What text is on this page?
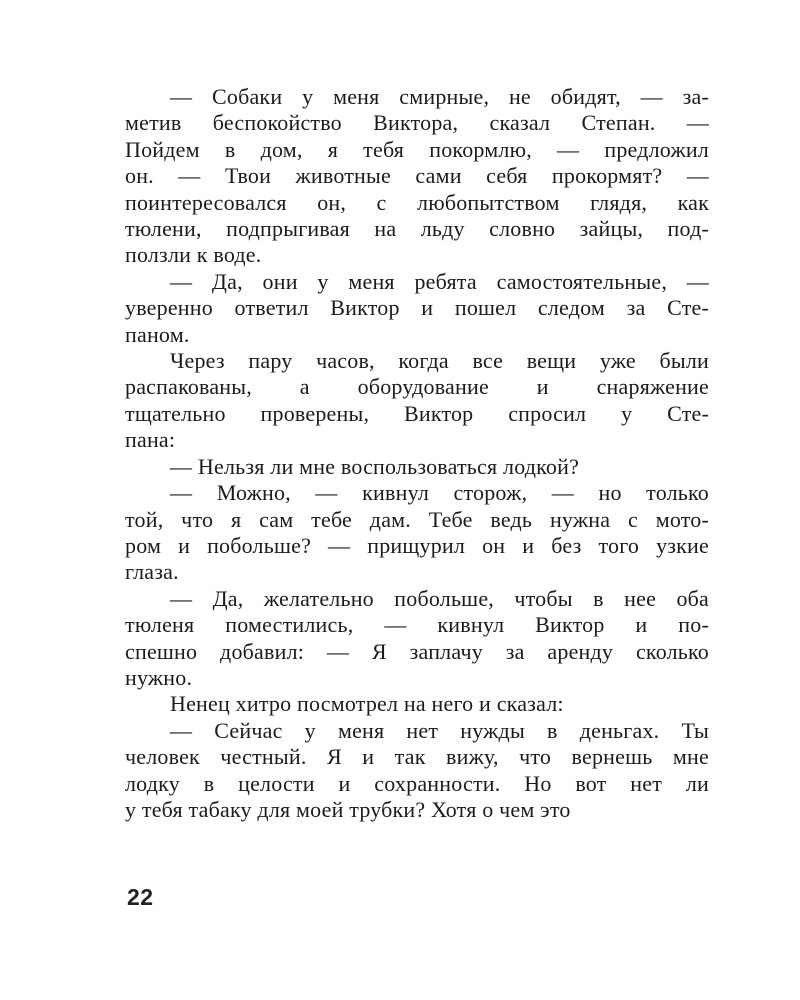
— Собаки у меня смирные, не обидят, — за-
метив беспокойство Виктора, сказал Степан. —
Пойдем в дом, я тебя покормлю, — предложил
он. — Твои животные сами себя прокормят? —
поинтересовался он, с любопытством глядя, как
тюлени, подпрыгивая на льду словно зайцы, под-
ползли к воде.
— Да, они у меня ребята самостоятельные, —
уверенно ответил Виктор и пошел следом за Сте-
паном.
Через пару часов, когда все вещи уже были
распакованы, а оборудование и снаряжение
тщательно проверены, Виктор спросил у Сте-
пана:
— Нельзя ли мне воспользоваться лодкой?
— Можно, — кивнул сторож, — но только
той, что я сам тебе дам. Тебе ведь нужна с мото-
ром и побольше? — прищурил он и без того узкие
глаза.
— Да, желательно побольше, чтобы в нее оба
тюленя поместились, — кивнул Виктор и по-
спешно добавил: — Я заплачу за аренду сколько
нужно.
Ненец хитро посмотрел на него и сказал:
— Сейчас у меня нет нужды в деньгах. Ты
человек честный. Я и так вижу, что вернешь мне
лодку в целости и сохранности. Но вот нет ли
у тебя табаку для моей трубки? Хотя о чем это
22
